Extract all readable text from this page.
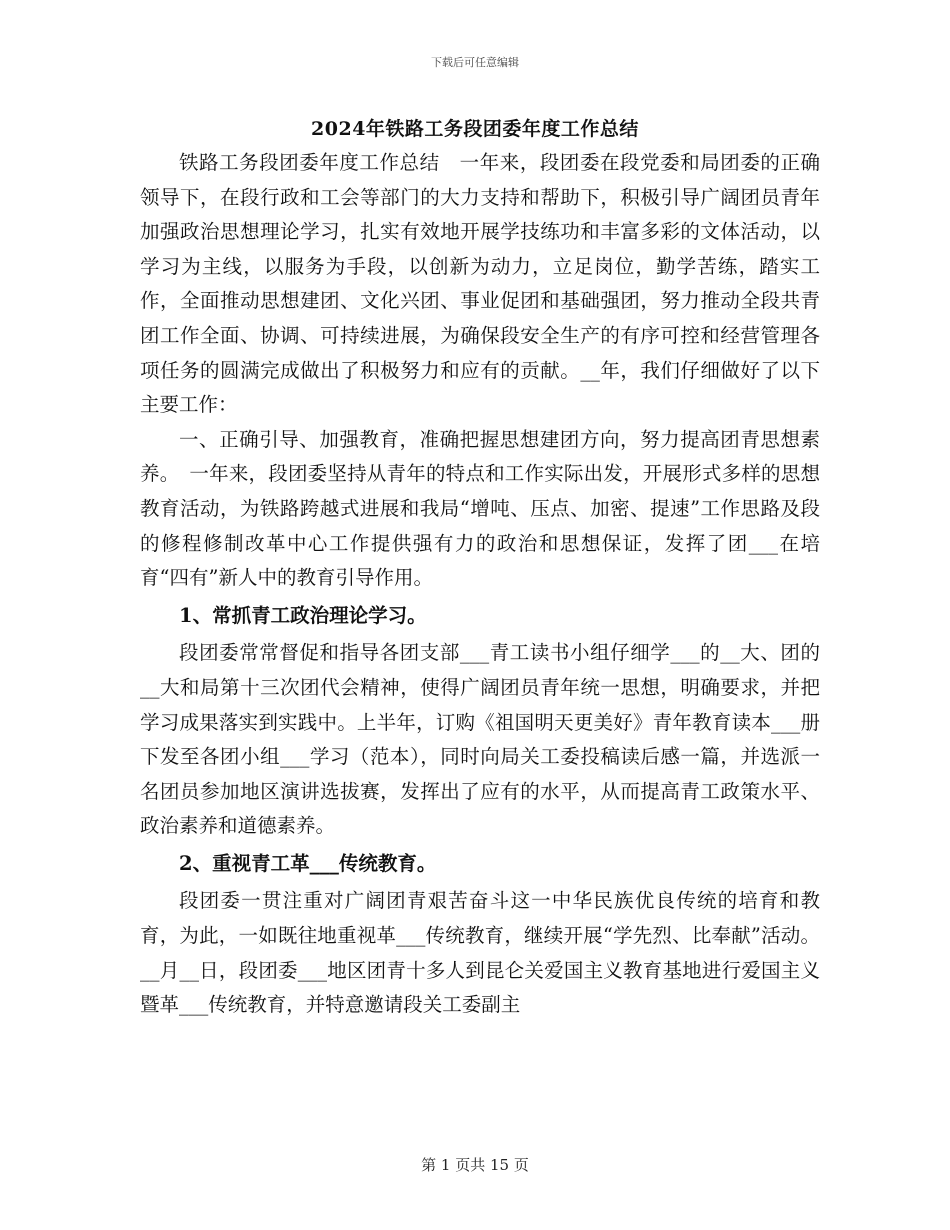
下载后可任意编辑
2024年铁路工务段团委年度工作总结

铁路工务段团委年度工作总结　一年来，段团委在段党委和局团委的正确领导下，在段行政和工会等部门的大力支持和帮助下，积极引导广阔团员青年加强政治思想理论学习，扎实有效地开展学技练功和丰富多彩的文体活动，以学习为主线，以服务为手段，以创新为动力，立足岗位，勤学苦练，踏实工作，全面推动思想建团、文化兴团、事业促团和基础强团，努力推动全段共青团工作全面、协调、可持续进展，为确保段安全生产的有序可控和经营管理各项任务的圆满完成做出了积极努力和应有的贡献。__年，我们仔细做好了以下主要工作：

一、正确引导、加强教育，准确把握思想建团方向，努力提高团青思想素养。　一年来，段团委坚持从青年的特点和工作实际出发，开展形式多样的思想教育活动，为铁路跨越式进展和我局“增吨、压点、加密、提速”工作思路及段的修程修制改革中心工作提供强有力的政治和思想保证，发挥了团___在培育“四有”新人中的教育引导作用。

1、常抓青工政治理论学习。

段团委常常督促和指导各团支部___青工读书小组仔细学___的__大、团的__大和局第十三次团代会精神，使得广阔团员青年统一思想，明确要求，并把学习成果落实到实践中。上半年，订购《祖国明天更美好》青年教育读本___册下发至各团小组___学习（范本），同时向局关工委投稿读后感一篇，并选派一名团员参加地区演讲选拔赛，发挥出了应有的水平，从而提高青工政策水平、政治素养和道德素养。

2、重视青工革___传统教育。

段团委一贯注重对广阔团青艰苦奋斗这一中华民族优良传统的培育和教育，为此，一如既往地重视革___传统教育，继续开展“学先烈、比奉献”活动。__月__日，段团委___地区团青十多人到昆仑关爱国主义教育基地进行爱国主义暨革___传统教育，并特意邀请段关工委副主

第 1 页共 15 页
